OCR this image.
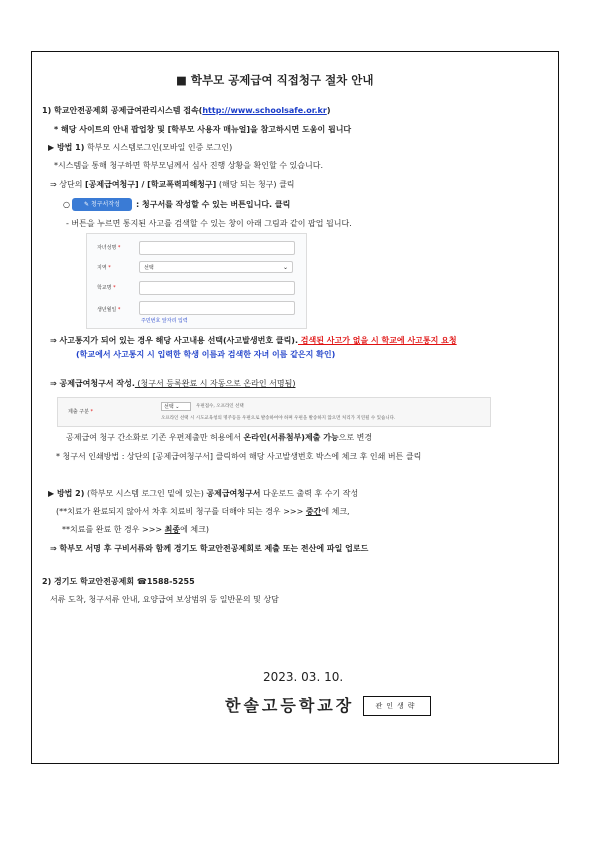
■ 학부모 공제급여 직접청구 절차 안내
1) 학교안전공제회 공제급여관리시스템 접속(http://www.schoolsafe.or.kr)
* 해당 사이트의 안내 팝업창 및 [학부모 사용자 매뉴얼]을 참고하시면 도움이 됩니다
▶ 방법 1) 학부모 시스템로그인(모바일 인증 로그인)
*시스템을 통해 청구하면 학부모님께서 심사 진행 상황을 확인할 수 있습니다.
⇒ 상단의 [공제급여청구] / [학교폭력피해청구] (해당 되는 청구) 클릭
○	✎ 청구서작성	: 청구서를 작성할 수 있는 버튼입니다. 클릭
- 버튼을 누르면 통지된 사고를 검색할 수 있는 창이 아래 그림과 같이 팝업 됩니다.
자녀성명 *
지역 *	선택	⌄
학교명 *
생년월일 *
주민번호 앞자리 입력
⇒ 사고통지가 되어 있는 경우 해당 사고내용 선택(사고발생번호 클릭). 검색된 사고가 없을 시 학교에 사고통지 요청
(학교에서 사고통지 시 입력한 학생 이름과 검색한 자녀 이름 같은지 확인)
⇒ 공제급여청구서 작성. (청구서 등록완료 시 자동으로 온라인 서명됨)
제출 구분 *
선택 ⌄	우편접수, 오프라인 선택
오프라인 선택 시 시도교육청의 명주등을 우편으로 발송하여야 하며 우편을 발송하지 않으면 처리가 지연될 수 있습니다.
공제급여 청구 간소화로 기존 우편제출만 허용에서 온라인(서류첨부)제출 가능으로 변경
* 청구서 인쇄방법 : 상단의 [공제급여청구서] 클릭하여 해당 사고발생번호 박스에 체크 후 인쇄 버튼 클릭
▶ 방법 2) (학부모 시스템 로그인 밑에 있는) 공제급여청구서 다운로드 출력 후 수기 작성
(**치료가 완료되지 않아서 차후 치료비 청구를 더해야 되는 경우 >>> 중간에 체크,
**치료를 완료 한 경우 >>> 최종에 체크)
⇒ 학부모 서명 후 구비서류와 함께 경기도 학교안전공제회로 제출 또는 전산에 파일 업로드
2) 경기도 학교안전공제회 ☎1588-5255
서류 도착, 청구서류 안내, 요양급여 보상범위 등 일반문의 및 상담
2023. 03. 10.
한솔고등학교장	관인생략
